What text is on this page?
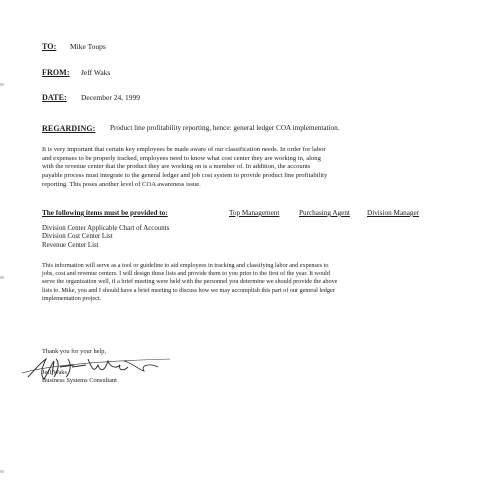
TO: Mike Toups
FROM: Jeff Waks
DATE: December 24, 1999
REGARDING: Product line profitability reporting, hence: general ledger COA implementation.
It is very important that certain key employees be made aware of our classification needs. In order for labor
and expenses to be properly tracked, employees need to know what cost center they are working in, along
with the revenue center that the product they are working on is a member of. In addition, the accounts
payable process must integrate to the general ledger and job cost system to provide product line profitability
reporting. This poses another level of COA awareness issue.
The following items must be provided to:	Top Management	Purchasing Agent Division Manager
Division Center Applicable Chart of Accounts
Division Cost Center List
Revenue Center List
This information will serve as a tool or guideline to aid employees in tracking and classifying labor and expenses to
jobs, cost and revenue centers. I will design these lists and provide them to you prior to the first of the year. It would
serve the organization well, if a brief meeting were held with the personnel you determine we should provide the above
lists to. Mike, you and I should have a brief meeting to discuss how we may accomplish this part of our general ledger
implementation project.
Thank you for your help,
Jeff Waks
Business Systems Consultant
